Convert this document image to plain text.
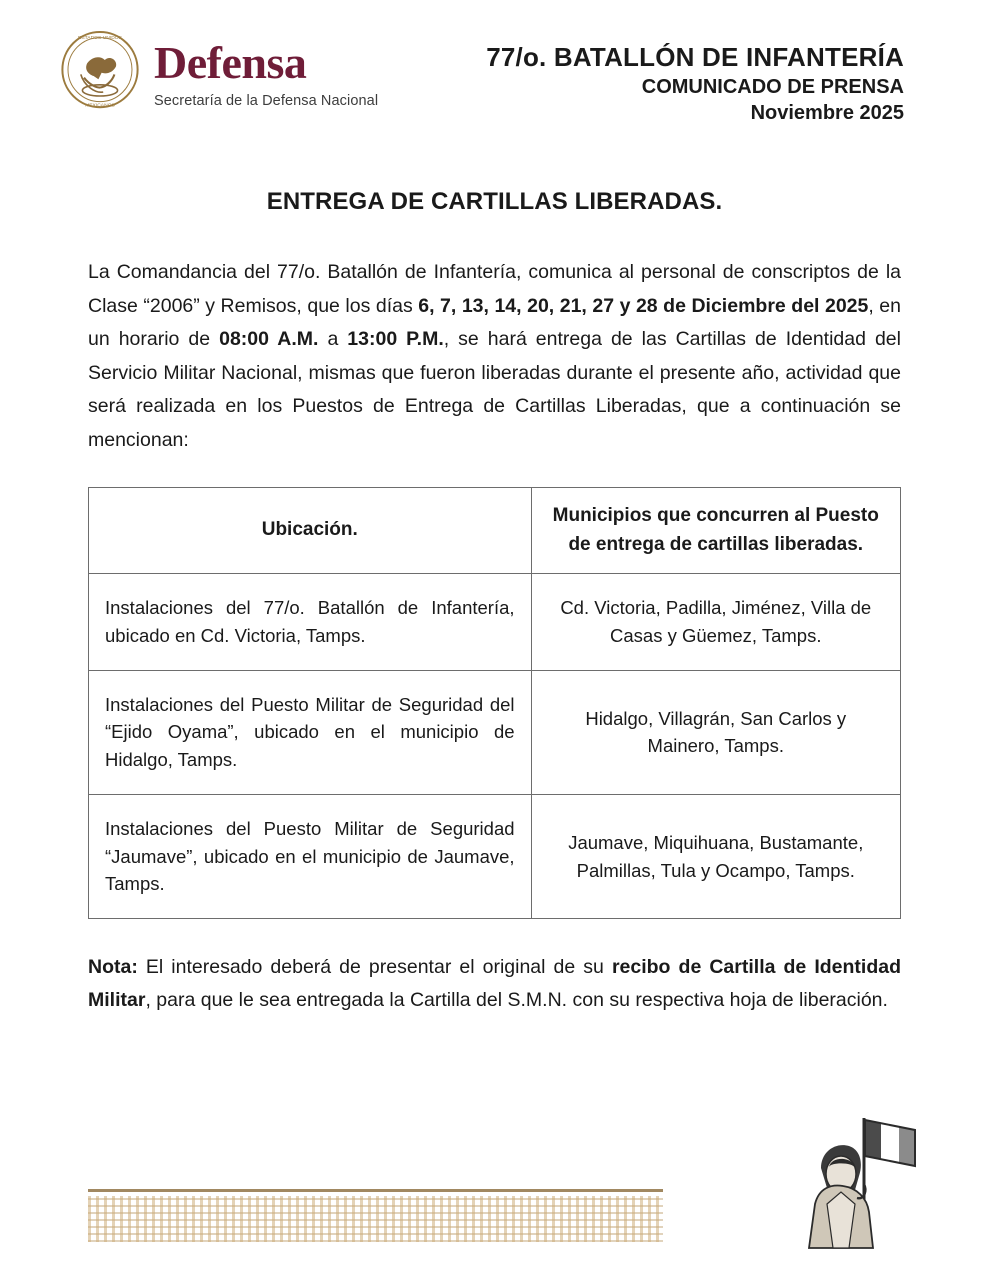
ESTADOS UNIDOS
MEXICANOS
Defensa
Secretaría de la Defensa Nacional
77/o. BATALLÓN DE INFANTERÍA
COMUNICADO DE PRENSA
Noviembre 2025
ENTREGA DE CARTILLAS LIBERADAS.

La Comandancia del 77/o. Batallón de Infantería, comunica al personal de conscriptos de la Clase “2006” y Remisos, que los días 6, 7, 13, 14, 20, 21, 27 y 28 de Diciembre del 2025, en un horario de 08:00 A.M. a 13:00 P.M., se hará entrega de las Cartillas de Identidad del Servicio Militar Nacional, mismas que fueron liberadas durante el presente año, actividad que será realizada en los Puestos de Entrega de Cartillas Liberadas, que a continuación se mencionan:

Ubicación.	Municipios que concurren al Puesto de entrega de cartillas liberadas.
Instalaciones del 77/o. Batallón de Infantería, ubicado en Cd. Victoria, Tamps.	Cd. Victoria, Padilla, Jiménez, Villa de Casas y Güemez, Tamps.
Instalaciones del Puesto Militar de Seguridad del “Ejido Oyama”, ubicado en el municipio de Hidalgo, Tamps.	Hidalgo, Villagrán, San Carlos y Mainero, Tamps.
Instalaciones del Puesto Militar de Seguridad “Jaumave”, ubicado en el municipio de Jaumave, Tamps.	Jaumave, Miquihuana, Bustamante, Palmillas, Tula y Ocampo, Tamps.

Nota: El interesado deberá de presentar el original de su recibo de Cartilla de Identidad Militar, para que le sea entregada la Cartilla del S.M.N. con su respectiva hoja de liberación.
